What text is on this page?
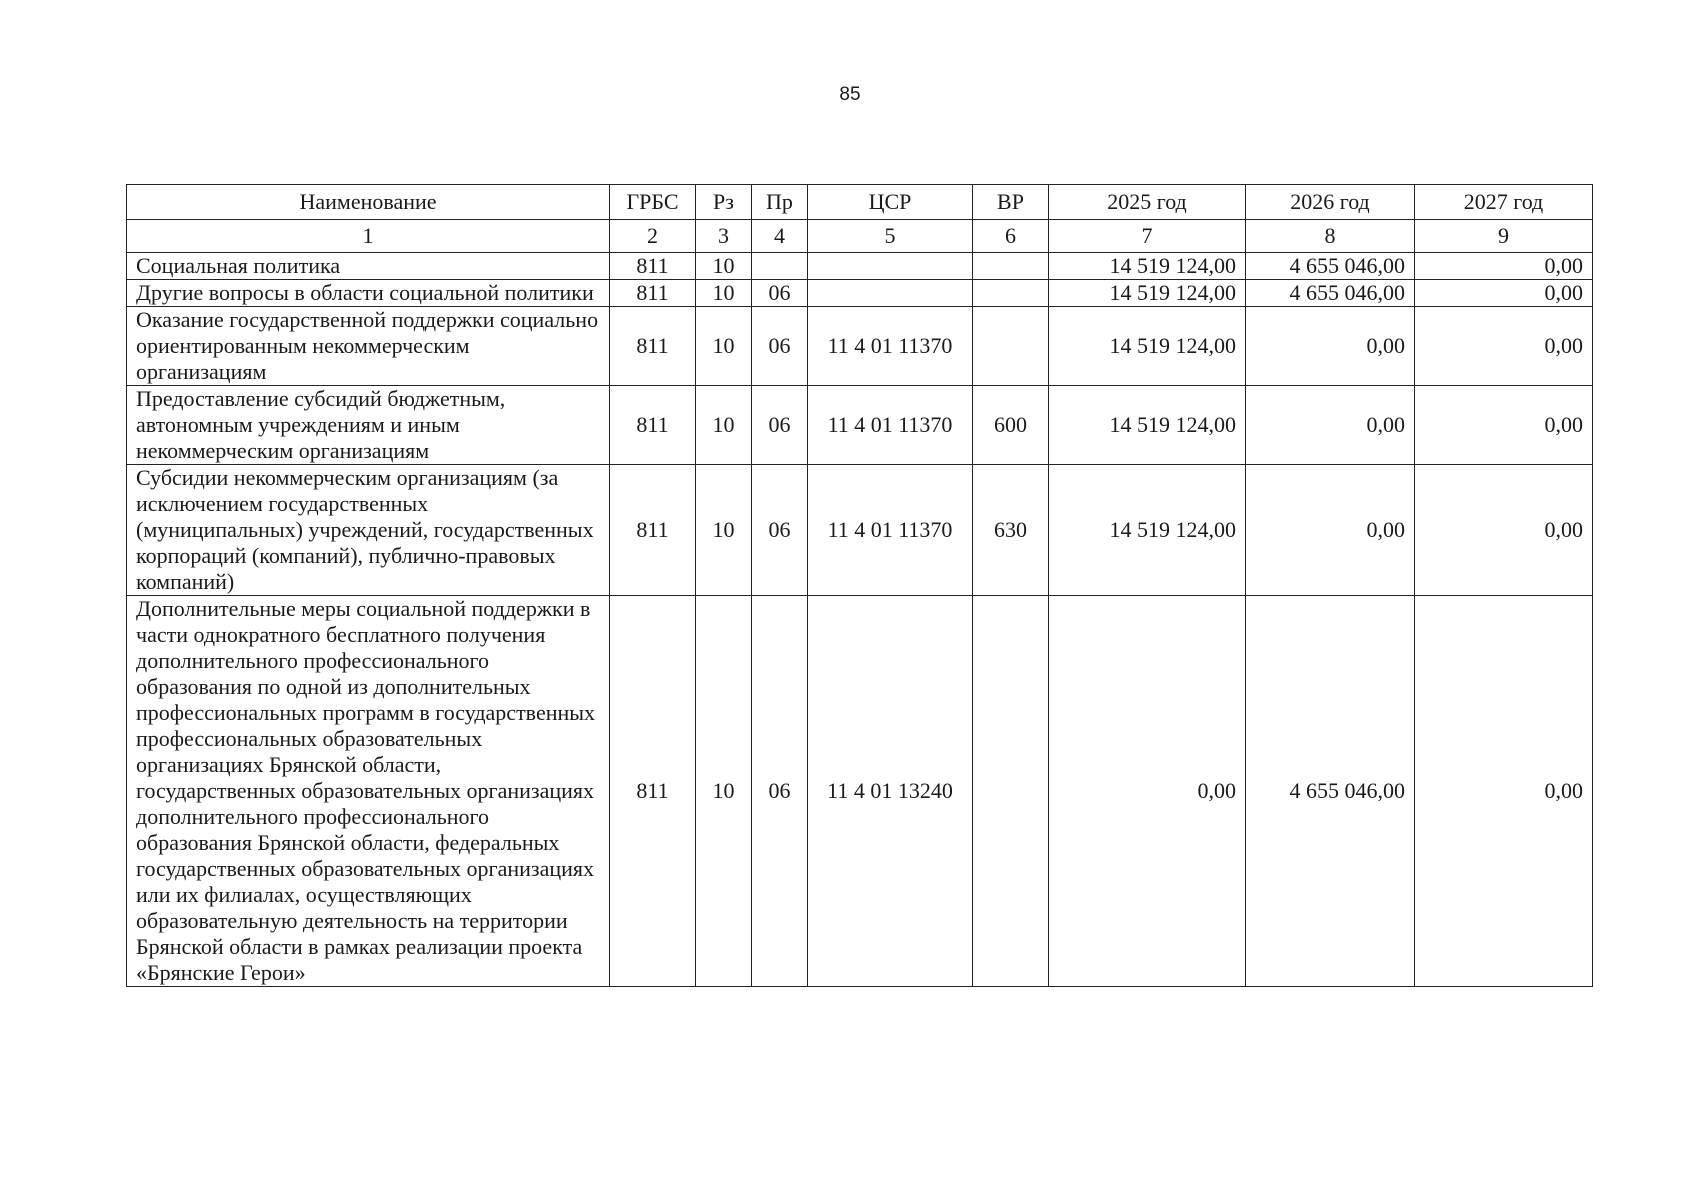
85
Наименование	ГРБС	Рз	Пр	ЦСР	ВР	2025 год	2026 год	2027 год
1	2	3	4	5	6	7	8	9
Социальная политика	811	10				14 519 124,00	4 655 046,00	0,00
Другие вопросы в области социальной политики	811	10	06			14 519 124,00	4 655 046,00	0,00
Оказание государственной поддержки социально ориентированным некоммерческим организациям	811	10	06	11 4 01 11370		14 519 124,00	0,00	0,00
Предоставление субсидий бюджетным, автономным учреждениям и иным некоммерческим организациям	811	10	06	11 4 01 11370	600	14 519 124,00	0,00	0,00
Субсидии некоммерческим организациям (за исключением государственных (муниципальных) учреждений, государственных корпораций (компаний), публично-правовых компаний)	811	10	06	11 4 01 11370	630	14 519 124,00	0,00	0,00
Дополнительные меры социальной поддержки в части однократного бесплатного получения дополнительного профессионального образования по одной из дополнительных профессиональных программ в государственных профессиональных образовательных организациях Брянской области, государственных образовательных организациях дополнительного профессионального образования Брянской области, федеральных государственных образовательных организациях или их филиалах, осуществляющих образовательную деятельность на территории Брянской области в рамках реализации проекта «Брянские Герои»	811	10	06	11 4 01 13240		0,00	4 655 046,00	0,00
